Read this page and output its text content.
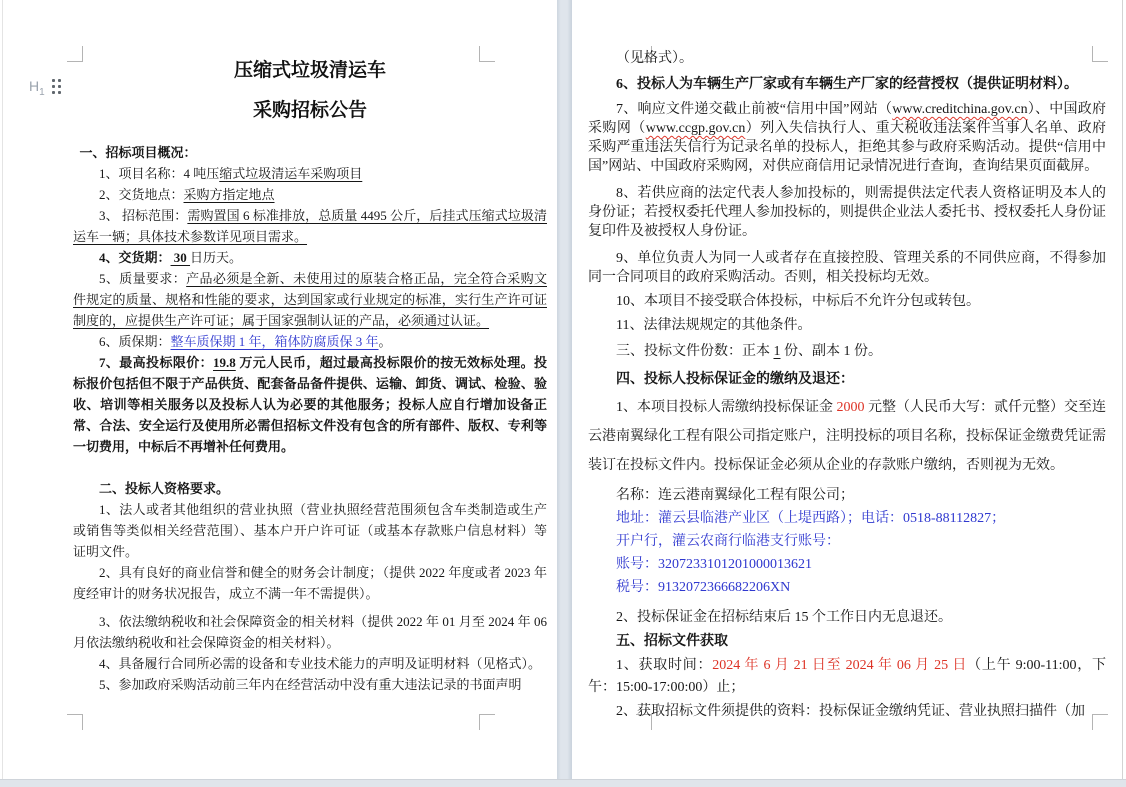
$H_1$
压缩式垃圾清运车
采购招标公告

一、招标项目概况：

1、项目名称：4 吨压缩式垃圾清运车采购项目

2、交货地点：采购方指定地点

3、 招标范围：需购置国 6 标准排放，总质量 4495 公斤，后挂式压缩式垃圾清运车一辆；具体技术参数详见项目需求。

4、交货期： 30 日历天。

5、质量要求：产品必须是全新、未使用过的原装合格正品，完全符合采购文件规定的质量、规格和性能的要求，达到国家或行业规定的标准，实行生产许可证制度的，应提供生产许可证；属于国家强制认证的产品，必须通过认证。

6、质保期：整车质保期 1 年，箱体防腐质保 3 年。

7、最高投标限价：19.8 万元人民币，超过最高投标限价的按无效标处理。投标报价包括但不限于产品供货、配套备品备件提供、运输、卸货、调试、检验、验收、培训等相关服务以及投标人认为必要的其他服务；投标人应自行增加设备正常、合法、安全运行及使用所必需但招标文件没有包含的所有部件、版权、专利等一切费用，中标后不再增补任何费用。

二、投标人资格要求。

1、法人或者其他组织的营业执照（营业执照经营范围须包含车类制造或生产或销售等类似相关经营范围）、基本户开户许可证（或基本存款账户信息材料）等证明文件。

2、具有良好的商业信誉和健全的财务会计制度；（提供 2022 年度或者 2023 年度经审计的财务状况报告，成立不满一年不需提供）。

3、依法缴纳税收和社会保障资金的相关材料（提供 2022 年 01 月至 2024 年 06 月依法缴纳税收和社会保障资金的相关材料）。

4、具备履行合同所必需的设备和专业技术能力的声明及证明材料（见格式）。

5、参加政府采购活动前三年内在经营活动中没有重大违法记录的书面声明

（见格式）。

6、投标人为车辆生产厂家或有车辆生产厂家的经营授权（提供证明材料）。

7、响应文件递交截止前被“信用中国”网站（www.creditchina.gov.cn）、中国政府采购网（www.ccgp.gov.cn）列入失信执行人、重大税收违法案件当事人名单、政府采购严重违法失信行为记录名单的投标人，拒绝其参与政府采购活动。提供“信用中国”网站、中国政府采购网，对供应商信用记录情况进行查询，查询结果页面截屏。

8、若供应商的法定代表人参加投标的，则需提供法定代表人资格证明及本人的身份证；若授权委托代理人参加投标的，则提供企业法人委托书、授权委托人身份证复印件及被授权人身份证。

9、单位负责人为同一人或者存在直接控股、管理关系的不同供应商，不得参加同一合同项目的政府采购活动。否则，相关投标均无效。

10、本项目不接受联合体投标，中标后不允许分包或转包。

11、法律法规规定的其他条件。

三、投标文件份数：正本 1 份、副本 1 份。

四、投标人投标保证金的缴纳及退还：

1、本项目投标人需缴纳投标保证金 2000 元整（人民币大写：贰仟元整）交至连云港南翼绿化工程有限公司指定账户，注明投标的项目名称，投标保证金缴费凭证需装订在投标文件内。投标保证金必须从企业的存款账户缴纳，否则视为无效。

名称：连云港南翼绿化工程有限公司；

地址：灌云县临港产业区（上堤西路）；电话：0518-88112827；

开户行，灌云农商行临港支行账号：

账号：3207233101201000013621

税号：9132072366682206XN

2、投标保证金在招标结束后 15 个工作日内无息退还。

五、招标文件获取

1、获取时间：2024 年 6 月 21 日至 2024 年 06 月 25 日（上午 9:00-11:00，下午：15:00-17:00:00）止；

2、获取招标文件须提供的资料：投标保证金缴纳凭证、营业执照扫描件（加
